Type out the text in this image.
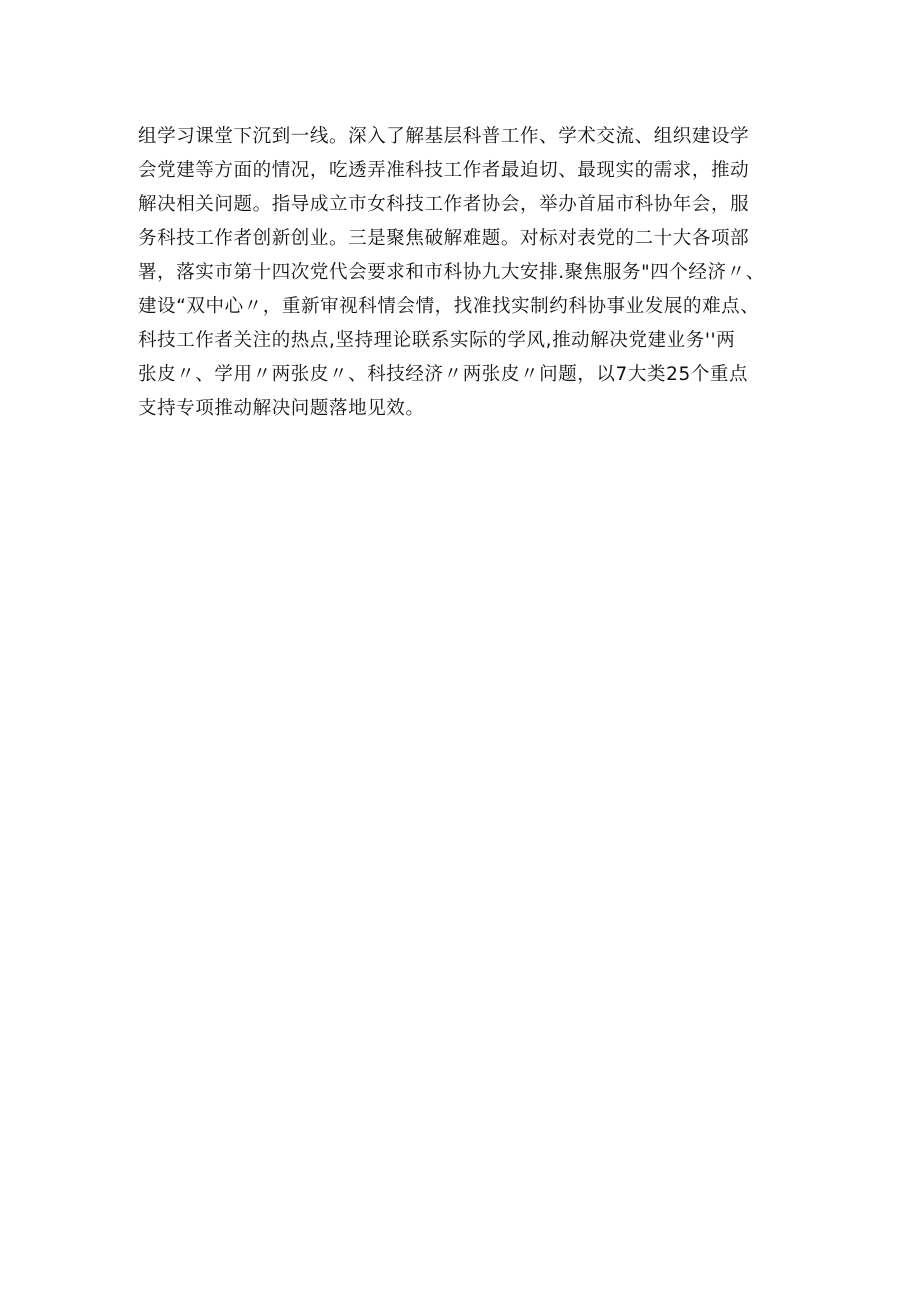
组学习课堂下沉到一线。深入了解基层科普工作、学术交流、组织建设学
会党建等方面的情况，吃透弄准科技工作者最迫切、最现实的需求，推动
解决相关问题。指导成立市女科技工作者协会，举办首届市科协年会，服
务科技工作者创新创业。三是聚焦破解难题。对标对表党的二十大各项部
署，落实市第十四次党代会要求和市科协九大安排.聚焦服务"四个经济〃、
建设“双中心〃，重新审视科情会情，找准找实制约科协事业发展的难点、
科技工作者关注的热点,坚持理论联系实际的学风,推动解决党建业务''两
张皮〃、学用〃两张皮〃、科技经济〃两张皮〃问题，以7大类25个重点
支持专项推动解决问题落地见效。
